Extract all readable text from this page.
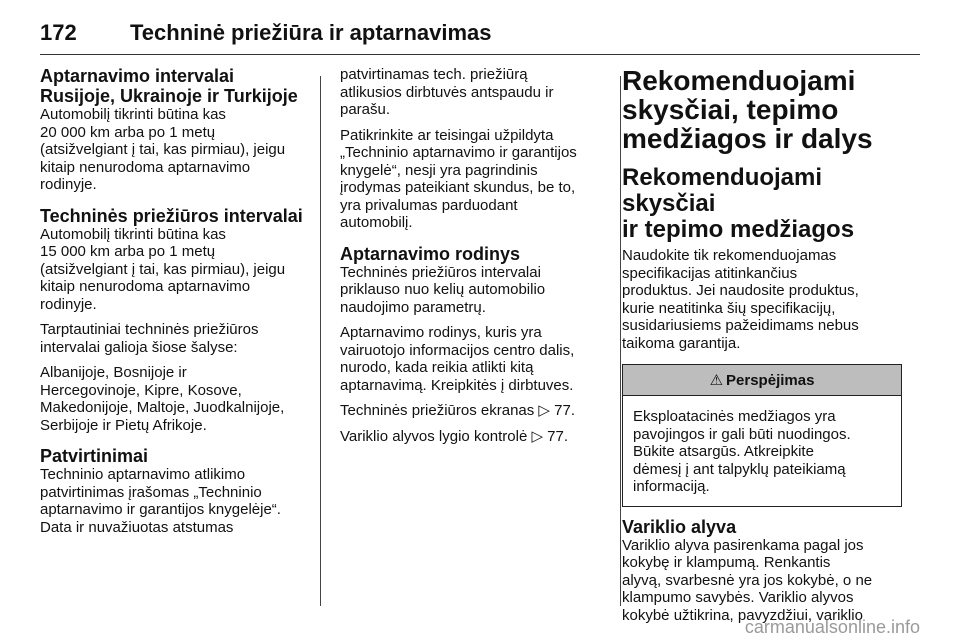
172 Techninė priežiūra ir aptarnavimas
Aptarnavimo intervalai Rusijoje, Ukrainoje ir Turkijoje

Automobilį tikrinti būtina kas
20 000 km arba po 1 metų
(atsižvelgiant į tai, kas pirmiau), jeigu
kitaip nenurodoma aptarnavimo
rodinyje.

Techninės priežiūros intervalai

Automobilį tikrinti būtina kas
15 000 km arba po 1 metų
(atsižvelgiant į tai, kas pirmiau), jeigu
kitaip nenurodoma aptarnavimo
rodinyje.

Tarptautiniai techninės priežiūros
intervalai galioja šiose šalyse:

Albanijoje, Bosnijoje ir
Hercegovinoje, Kipre, Kosove,
Makedonijoje, Maltoje, Juodkalnijoje,
Serbijoje ir Pietų Afrikoje.

Patvirtinimai

Techninio aptarnavimo atlikimo
patvirtinimas įrašomas „Techninio
aptarnavimo ir garantijos knygelėje“.
Data ir nuvažiuotas atstumas

patvirtinamas tech. priežiūrą
atlikusios dirbtuvės antspaudu ir
parašu.

Patikrinkite ar teisingai užpildyta
„Techninio aptarnavimo ir garantijos
knygelė“, nesji yra pagrindinis
įrodymas pateikiant skundus, be to,
yra privalumas parduodant
automobilį.

Aptarnavimo rodinys

Techninės priežiūros intervalai
priklauso nuo kelių automobilio
naudojimo parametrų.

Aptarnavimo rodinys, kuris yra
vairuotojo informacijos centro dalis,
nurodo, kada reikia atlikti kitą
aptarnavimą. Kreipkitės į dirbtuves.

Techninės priežiūros ekranas ▷ 77.

Variklio alyvos lygio kontrolė ▷ 77.

Rekomenduojami
skysčiai, tepimo
medžiagos ir dalys
Rekomenduojami skysčiai
ir tepimo medžiagos

Naudokite tik rekomenduojamas
specifikacijas atitinkančius
produktus. Jei naudosite produktus,
kurie neatitinka šių specifikacijų,
susidariusiems pažeidimams nebus
taikoma garantija.

⚠ Perspėjimas

Eksploatacinės medžiagos yra
pavojingos ir gali būti nuodingos.
Būkite atsargūs. Atkreipkite
dėmesį į ant talpyklų pateikiamą
informaciją.

Variklio alyva

Variklio alyva pasirenkama pagal jos
kokybę ir klampumą. Renkantis
alyvą, svarbesnė yra jos kokybė, o ne
klampumo savybės. Variklio alyvos
kokybė užtikrina, pavyzdžiui, variklio

carmanualsonline.info
